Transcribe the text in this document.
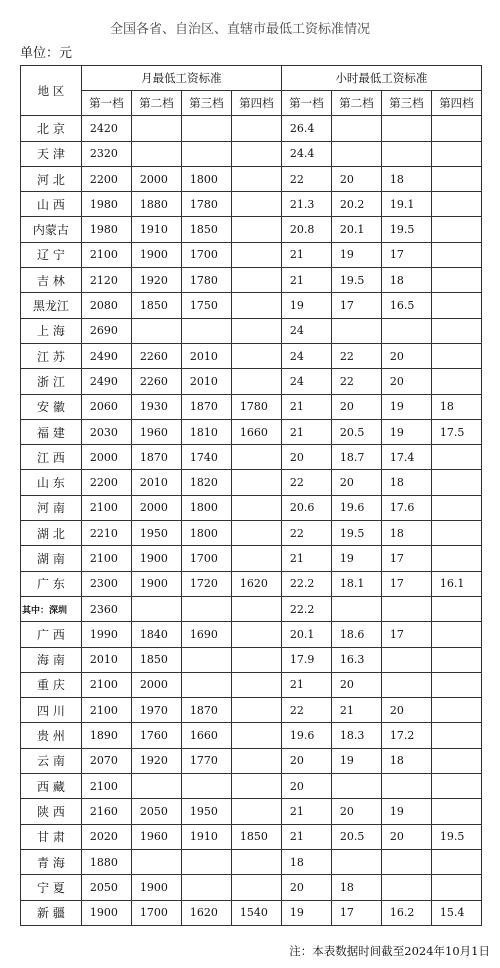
全国各省、自治区、直辖市最低工资标准情况
单位：元
地 区	月最低工资标准				小时最低工资标准			
	第一档	第二档	第三档	第四档	第一档	第二档	第三档	第四档
北 京	2420				26.4			
天 津	2320				24.4			
河 北	2200	2000	1800		22	20	18	
山 西	1980	1880	1780		21.3	20.2	19.1	
内蒙古	1980	1910	1850		20.8	20.1	19.5	
辽 宁	2100	1900	1700		21	19	17	
吉 林	2120	1920	1780		21	19.5	18	
黑龙江	2080	1850	1750		19	17	16.5	
上 海	2690				24			
江 苏	2490	2260	2010		24	22	20	
浙 江	2490	2260	2010		24	22	20	
安 徽	2060	1930	1870	1780	21	20	19	18
福 建	2030	1960	1810	1660	21	20.5	19	17.5
江 西	2000	1870	1740		20	18.7	17.4	
山 东	2200	2010	1820		22	20	18	
河 南	2100	2000	1800		20.6	19.6	17.6	
湖 北	2210	1950	1800		22	19.5	18	
湖 南	2100	1900	1700		21	19	17	
广 东	2300	1900	1720	1620	22.2	18.1	17	16.1
其中：深圳	2360				22.2			
广 西	1990	1840	1690		20.1	18.6	17	
海 南	2010	1850			17.9	16.3		
重 庆	2100	2000			21	20		
四 川	2100	1970	1870		22	21	20	
贵 州	1890	1760	1660		19.6	18.3	17.2	
云 南	2070	1920	1770		20	19	18	
西 藏	2100				20			
陕 西	2160	2050	1950		21	20	19	
甘 肃	2020	1960	1910	1850	21	20.5	20	19.5
青 海	1880				18			
宁 夏	2050	1900			20	18		
新 疆	1900	1700	1620	1540	19	17	16.2	15.4
注：本表数据时间截至2024年10月1日
